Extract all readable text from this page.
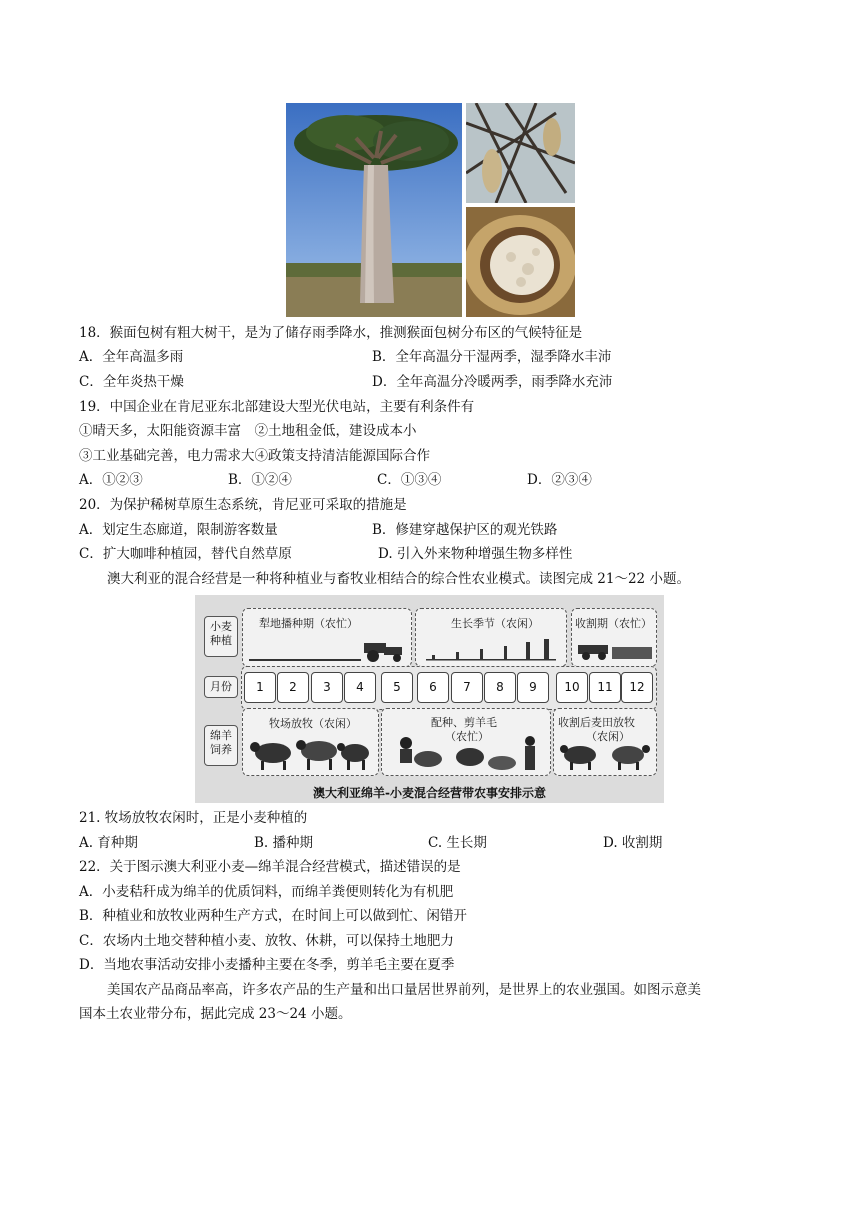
18．猴面包树有粗大树干，是为了储存雨季降水，推测猴面包树分布区的气候特征是
A．全年高温多雨	B．全年高温分干湿两季，湿季降水丰沛
C．全年炎热干燥	D．全年高温分冷暖两季，雨季降水充沛
19．中国企业在肯尼亚东北部建设大型光伏电站，主要有利条件有
①晴天多，太阳能资源丰富　②土地租金低，建设成本小
③工业基础完善，电力需求大④政策支持清洁能源国际合作
A．①②③	B．①②④	C．①③④	D．②③④
20．为保护稀树草原生态系统，肯尼亚可采取的措施是
A．划定生态廊道，限制游客数量	B．修建穿越保护区的观光铁路
C．扩大咖啡种植园，替代自然草原	D. 引入外来物种增强生物多样性
澳大利亚的混合经营是一种将种植业与畜牧业相结合的综合性农业模式。读图完成 21～22 小题。
小麦
种植
犁地播种期（农忙）	生长季节（农闲）	收割期（农忙）
月份	1	2	3	4	5	6	7	8	9	10	11	12
绵羊
饲养
牧场放牧（农闲）	配种、剪羊毛
（农忙）
收割后麦田放牧
（农闲）
澳大利亚绵羊-小麦混合经营带农事安排示意
21. 牧场放牧农闲时，正是小麦种植的
A. 育种期	B. 播种期	C. 生长期	D. 收割期
22．关于图示澳大利亚小麦—绵羊混合经营模式，描述错误的是
A．小麦秸秆成为绵羊的优质饲料，而绵羊粪便则转化为有机肥
B．种植业和放牧业两种生产方式，在时间上可以做到忙、闲错开
C．农场内土地交替种植小麦、放牧、休耕，可以保持土地肥力
D．当地农事活动安排小麦播种主要在冬季，剪羊毛主要在夏季
美国农产品商品率高，许多农产品的生产量和出口量居世界前列，是世界上的农业强国。如图示意美
国本土农业带分布，据此完成 23～24 小题。
